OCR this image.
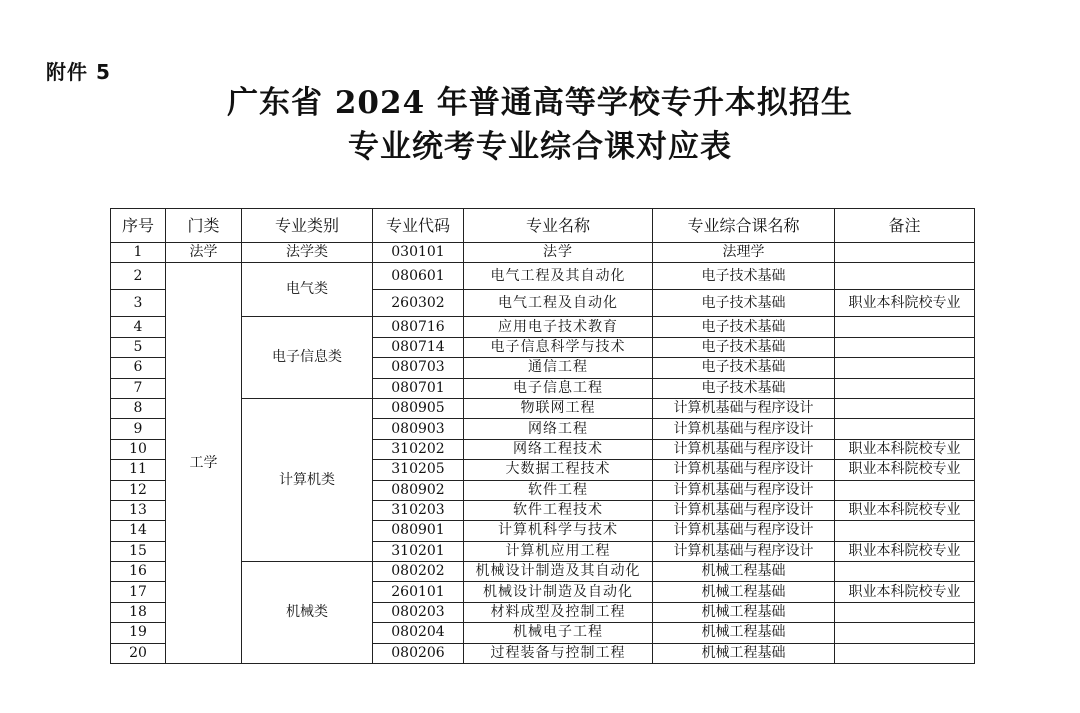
附件 5
广东省 2024 年普通高等学校专升本拟招生
专业统考专业综合课对应表
序号	门类	专业类别	专业代码	专业名称	专业综合课名称	备注
1	法学	法学类	030101	法学	法理学	
2	工学	电气类	080601	电气工程及其自动化	电子技术基础	
3			260302	电气工程及自动化	电子技术基础	职业本科院校专业
4		电子信息类	080716	应用电子技术教育	电子技术基础	
5			080714	电子信息科学与技术	电子技术基础	
6			080703	通信工程	电子技术基础	
7			080701	电子信息工程	电子技术基础	
8		计算机类	080905	物联网工程	计算机基础与程序设计	
9			080903	网络工程	计算机基础与程序设计	
10			310202	网络工程技术	计算机基础与程序设计	职业本科院校专业
11			310205	大数据工程技术	计算机基础与程序设计	职业本科院校专业
12			080902	软件工程	计算机基础与程序设计	
13			310203	软件工程技术	计算机基础与程序设计	职业本科院校专业
14			080901	计算机科学与技术	计算机基础与程序设计	
15			310201	计算机应用工程	计算机基础与程序设计	职业本科院校专业
16		机械类	080202	机械设计制造及其自动化	机械工程基础	
17			260101	机械设计制造及自动化	机械工程基础	职业本科院校专业
18			080203	材料成型及控制工程	机械工程基础	
19			080204	机械电子工程	机械工程基础	
20			080206	过程装备与控制工程	机械工程基础	
